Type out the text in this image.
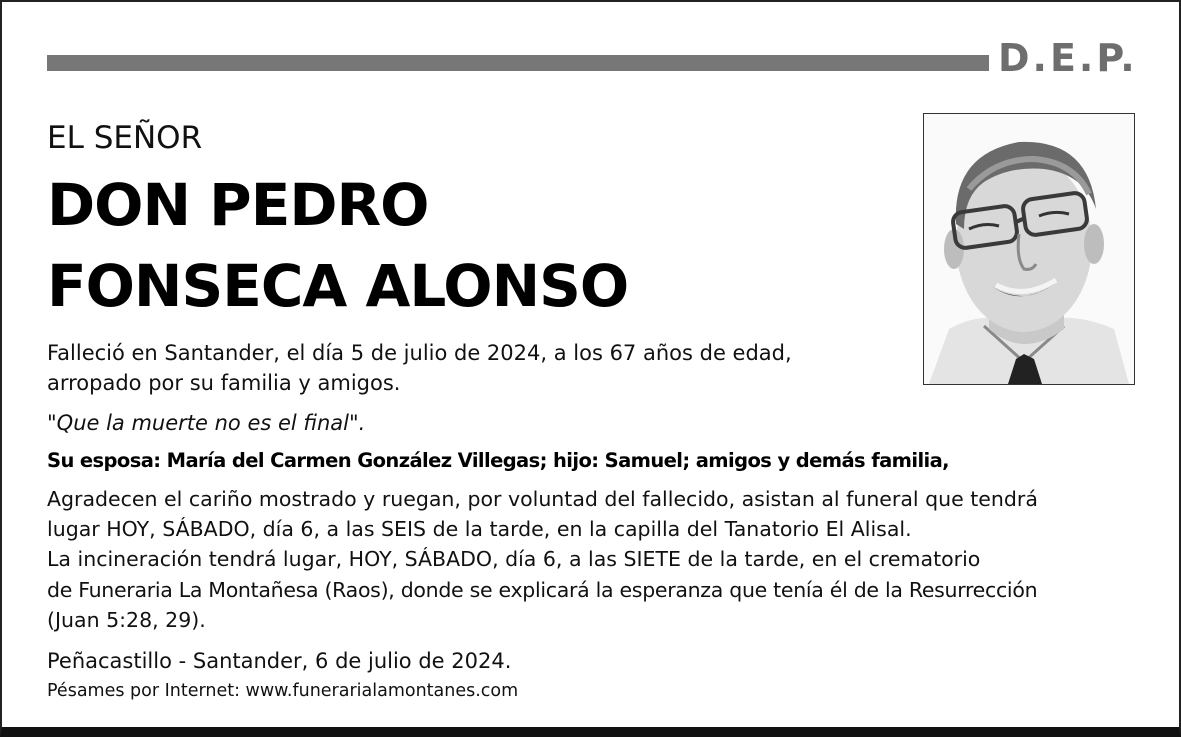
D.E.P.
EL SEÑOR
DON PEDRO
FONSECA ALONSO
Falleció en Santander, el día 5 de julio de 2024, a los 67 años de edad,
arropado por su familia y amigos.
"Que la muerte no es el final".
Su esposa: María del Carmen González Villegas; hijo: Samuel; amigos y demás familia,
Agradecen el cariño mostrado y ruegan, por voluntad del fallecido, asistan al funeral que tendrá
lugar HOY, SÁBADO, día 6, a las SEIS de la tarde, en la capilla del Tanatorio El Alisal.
La incineración tendrá lugar, HOY, SÁBADO, día 6, a las SIETE de la tarde, en el crematorio
de Funeraria La Montañesa (Raos), donde se explicará la esperanza que tenía él de la Resurrección
(Juan 5:28, 29).
Peñacastillo - Santander, 6 de julio de 2024.
Pésames por Internet: www.funerarialamontanes.com
